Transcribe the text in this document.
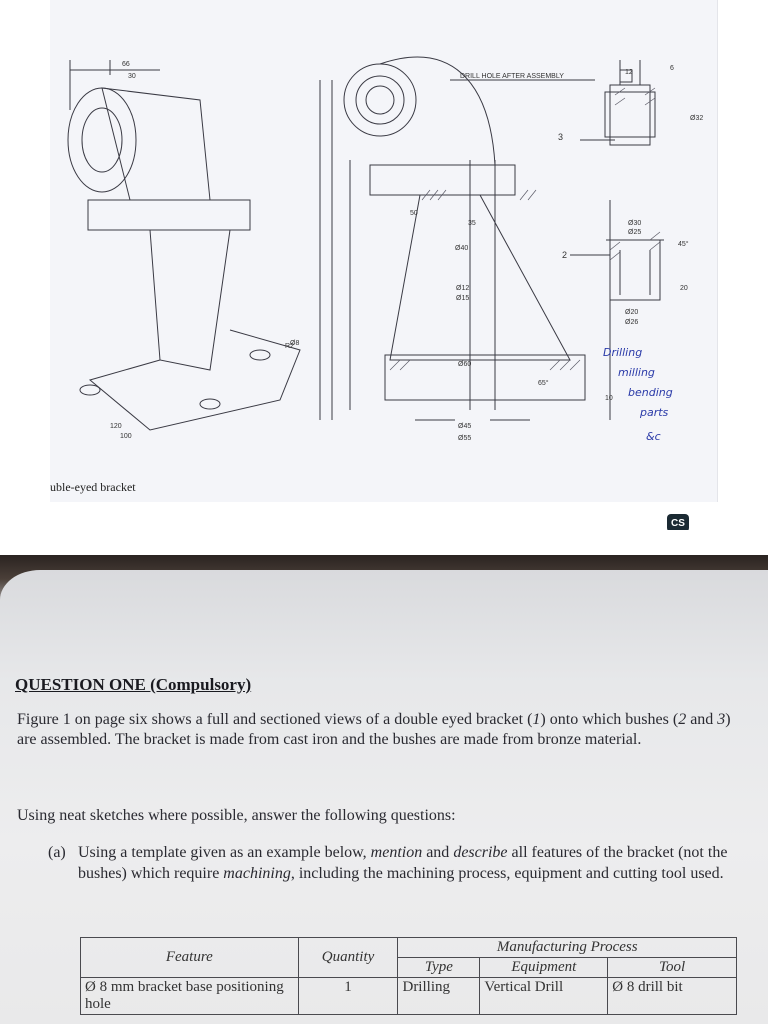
DRILL HOLE AFTER ASSEMBLY
3
2
66
30
Ø30
Ø25
45°
Ø20
Ø26
Ø60
Ø45
Ø55
50
35
Ø40
Ø12	20
Ø15
120
100
Ø8
12
6
10
Ø32
65°
R2	Drilling
milling
bending
parts
&c
uble-eyed bracket
CS
QUESTION ONE (Compulsory)

Figure 1 on page six shows a full and sectioned views of a double eyed bracket (1) onto which bushes (2 and 3) are assembled. The bracket is made from cast iron and the bushes are made from bronze material.

Using neat sketches where possible, answer the following questions:

(a) Using a template given as an example below, mention and describe all features of the bracket (not the bushes) which require machining, including the machining process, equipment and cutting tool used.
Feature	Quantity	Manufacturing Process		
		Type	Equipment	Tool
Ø 8 mm bracket base positioning hole	1	Drilling	Vertical Drill	Ø 8 drill bit
